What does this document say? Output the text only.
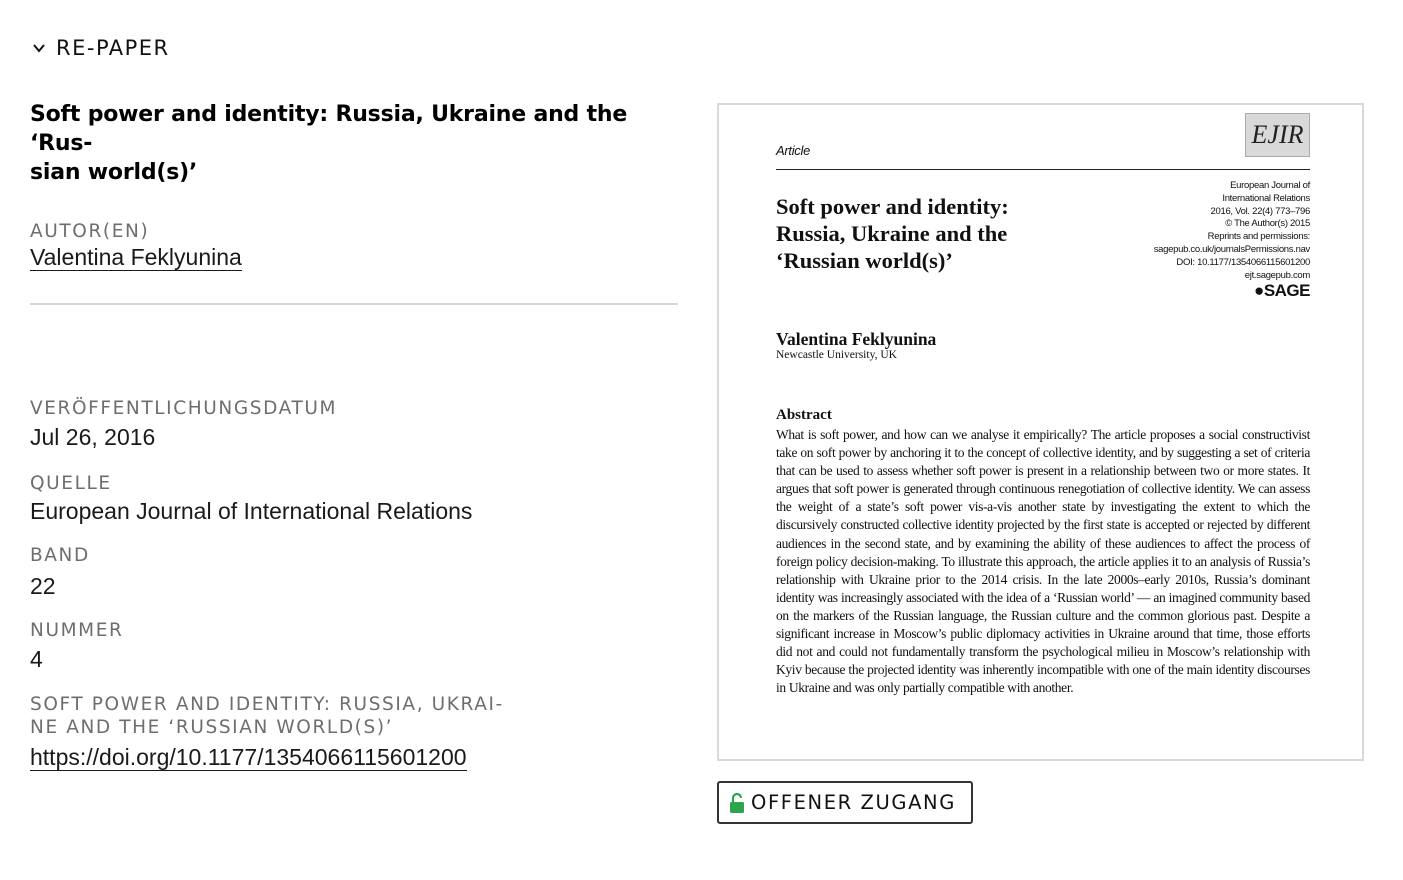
RE-PAPER
Soft power and identity: Russia, Ukraine and the ‘Rus-
sian world(s)’
AUTOR(EN)
Valentina Feklyunina
VERÖFFENTLICHUNGSDATUM
Jul 26, 2016
QUELLE
European Journal of International Relations
BAND
22
NUMMER
4
SOFT POWER AND IDENTITY: RUSSIA, UKRAI-
NE AND THE ‘RUSSIAN WORLD(S)’
https://doi.org/10.1177/1354066115601200
EJIR
Article
Soft power and identity: Russia, Ukraine and the ‘Russian world(s)’
European Journal of
International Relations
2016, Vol. 22(4) 773–796
© The Author(s) 2015
Reprints and permissions:
sagepub.co.uk/journalsPermissions.nav
DOI: 10.1177/1354066115601200
ejt.sagepub.com
●SAGE
Valentina Feklyunina
Newcastle University, UK
Abstract
What is soft power, and how can we analyse it empirically? The article proposes a social constructivist take on soft power by anchoring it to the concept of collective identity, and by suggesting a set of criteria that can be used to assess whether soft power is present in a relationship between two or more states. It argues that soft power is generated through continuous renegotiation of collective identity. We can assess the weight of a state’s soft power vis-a-vis another state by investigating the extent to which the discursively constructed collective identity projected by the first state is accepted or rejected by different audiences in the second state, and by examining the ability of these audiences to affect the process of foreign policy decision-making. To illustrate this approach, the article applies it to an analysis of Russia’s relationship with Ukraine prior to the 2014 crisis. In the late 2000s–early 2010s, Russia’s dominant identity was increasingly associated with the idea of a ‘Russian world’ — an imagined community based on the markers of the Russian language, the Russian culture and the common glorious past. Despite a significant increase in Moscow’s public diplomacy activities in Ukraine around that time, those efforts did not and could not fundamentally transform the psychological milieu in Moscow’s relationship with Kyiv because the projected identity was inherently incompatible with one of the main identity discourses in Ukraine and was only partially compatible with another.
OFFENER ZUGANG
